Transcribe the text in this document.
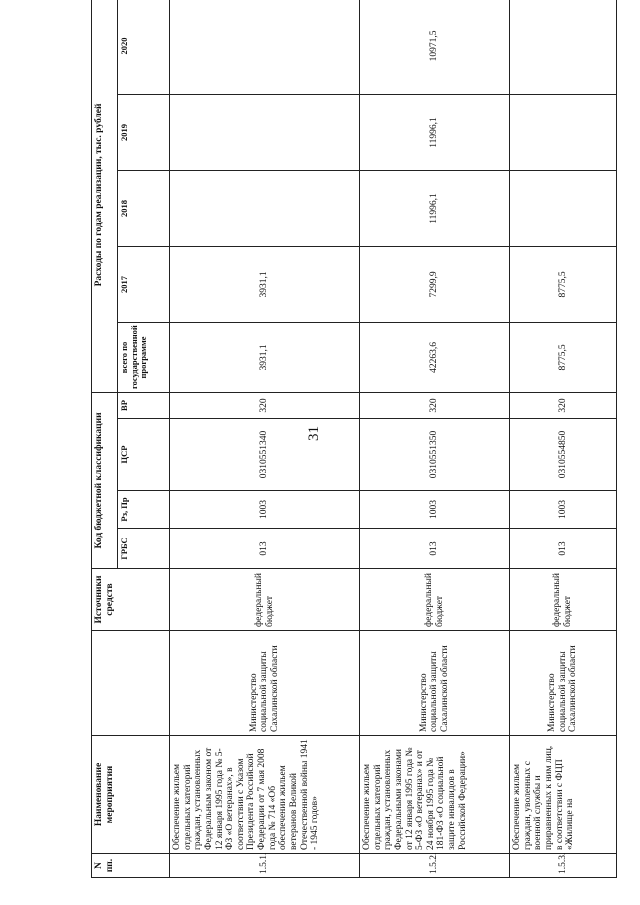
31
N пп.	Наименование мероприятия		Источники средств	Код бюджетной классификации				Расходы по годам реализации, тыс. рублей				
				ГРБС	Рз, Пр	ЦСР	ВР	всего по государственной программе	2017	2018	2019	2020
1.5.1.	Обеспечение жильем отдельных категорий граждан, установленных Федеральным законом от 12 января 1995 года № 5-ФЗ «О ветеранах», в соответствии с Указом Президента Российской Федерации от 7 мая 2008 года № 714 «Об обеспечении жильем ветеранов Великой Отечественной войны 1941 - 1945 годов»	Министерство социальной защиты Сахалинской области	федеральный бюджет	013	1003	0310551340	320	3931,1	3931,1			
1.5.2.	Обеспечение жильем отдельных категорий граждан, установленных Федеральными законами от 12 января 1995 года № 5-ФЗ «О ветеранах» и от 24 ноября 1995 года № 181-ФЗ «О социальной защите инвалидов в Российской Федерации»	Министерство социальной защиты Сахалинской области	федеральный бюджет	013	1003	0310551350	320	42263,6	7299,9	11996,1	11996,1	10971,5
1.5.3.	Обеспечение жильем граждан, уволенных с военной службы и приравненных к ним лиц, в соответствии с ФЦП «Жилище на	Министерство социальной защиты Сахалинской области	федеральный бюджет	013	1003	0310554850	320	8775,5	8775,5			
